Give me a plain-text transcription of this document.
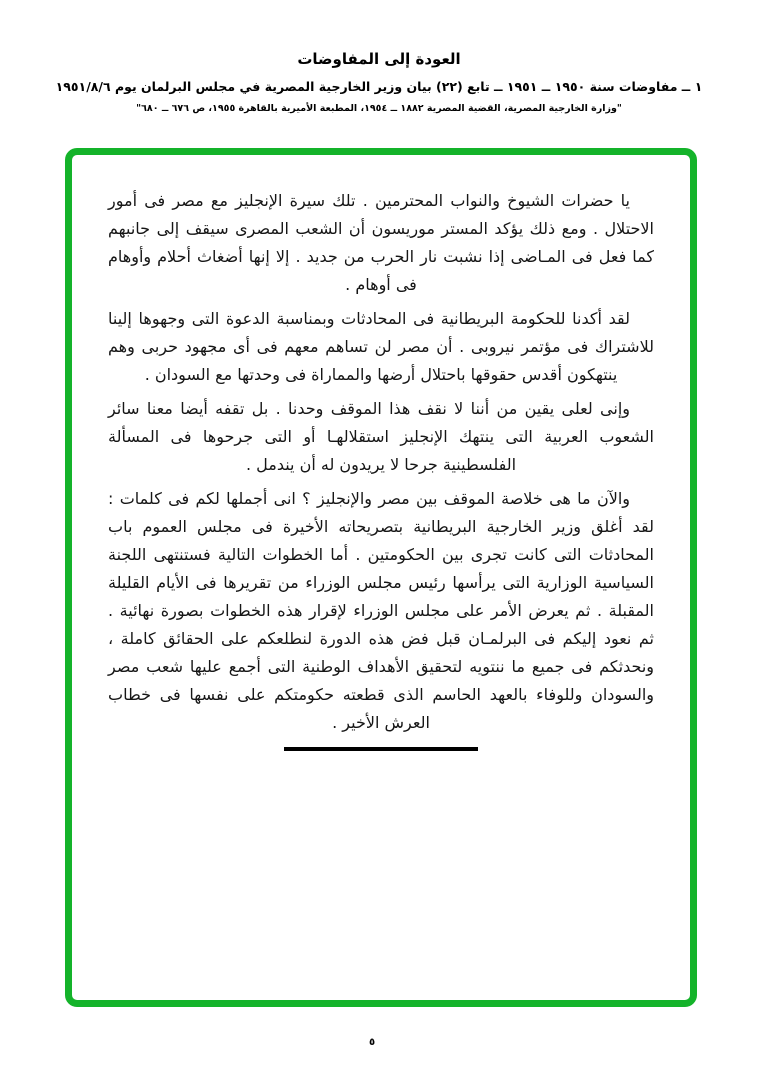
العودة إلى المفاوضات
١ ــ مفاوضات سنة ١٩٥٠ ــ ١٩٥١ ــ تابع (٢٢) بيان وزير الخارجية المصرية في مجلس البرلمان يوم ١٩٥١/٨/٦
"وزارة الخارجية المصرية، القضية المصرية ١٨٨٢ ــ ١٩٥٤، المطبعة الأميرية بالقاهرة ١٩٥٥، ص ٦٧٦ ــ ٦٨٠"

يا حضرات الشيوخ والنواب المحترمين . تلك سيرة الإنجليز مع مصر فى أمور الاحتلال . ومع ذلك يؤكد المستر موريسون أن الشعب المصرى سيقف إلى جانبهم كما فعل فى المـاضى إذا نشبت نار الحرب من جديد . إلا إنها أضغاث أحلام وأوهام فى أوهام .

لقد أكدنا للحكومة البريطانية فى المحادثات وبمناسبة الدعوة التى وجهوها إلينا للاشتراك فى مؤتمر نيروبى . أن مصر لن تساهم معهم فى أى مجهود حربى وهم ينتهكون أقدس حقوقها باحتلال أرضها والمماراة فى وحدتها مع السودان .

وإنى لعلى يقين من أننا لا نقف هذا الموقف وحدنا . بل تقفه أيضا معنا سائر الشعوب العربية التى ينتهك الإنجليز استقلالهـا أو التى جرحوها فى المسألة الفلسطينية جرحا لا يريدون له أن يندمل .

والآن ما هى خلاصة الموقف بين مصر والإنجليز ؟ انى أجملها لكم فى كلمات : لقد أغلق وزير الخارجية البريطانية بتصريحاته الأخيرة فى مجلس العموم باب المحادثات التى كانت تجرى بين الحكومتين . أما الخطوات التالية فستنتهى اللجنة السياسية الوزارية التى يرأسها رئيس مجلس الوزراء من تقريرها فى الأيام القليلة المقبلة . ثم يعرض الأمر على مجلس الوزراء لإقرار هذه الخطوات بصورة نهائية . ثم نعود إليكم فى البرلمـان قبل فض هذه الدورة لنطلعكم على الحقائق كاملة ، ونحدثكم فى جميع ما ننتويه لتحقيق الأهداف الوطنية التى أجمع عليها شعب مصر والسودان وللوفاء بالعهد الحاسم الذى قطعته حكومتكم على نفسها فى خطاب العرش الأخير .

٥
